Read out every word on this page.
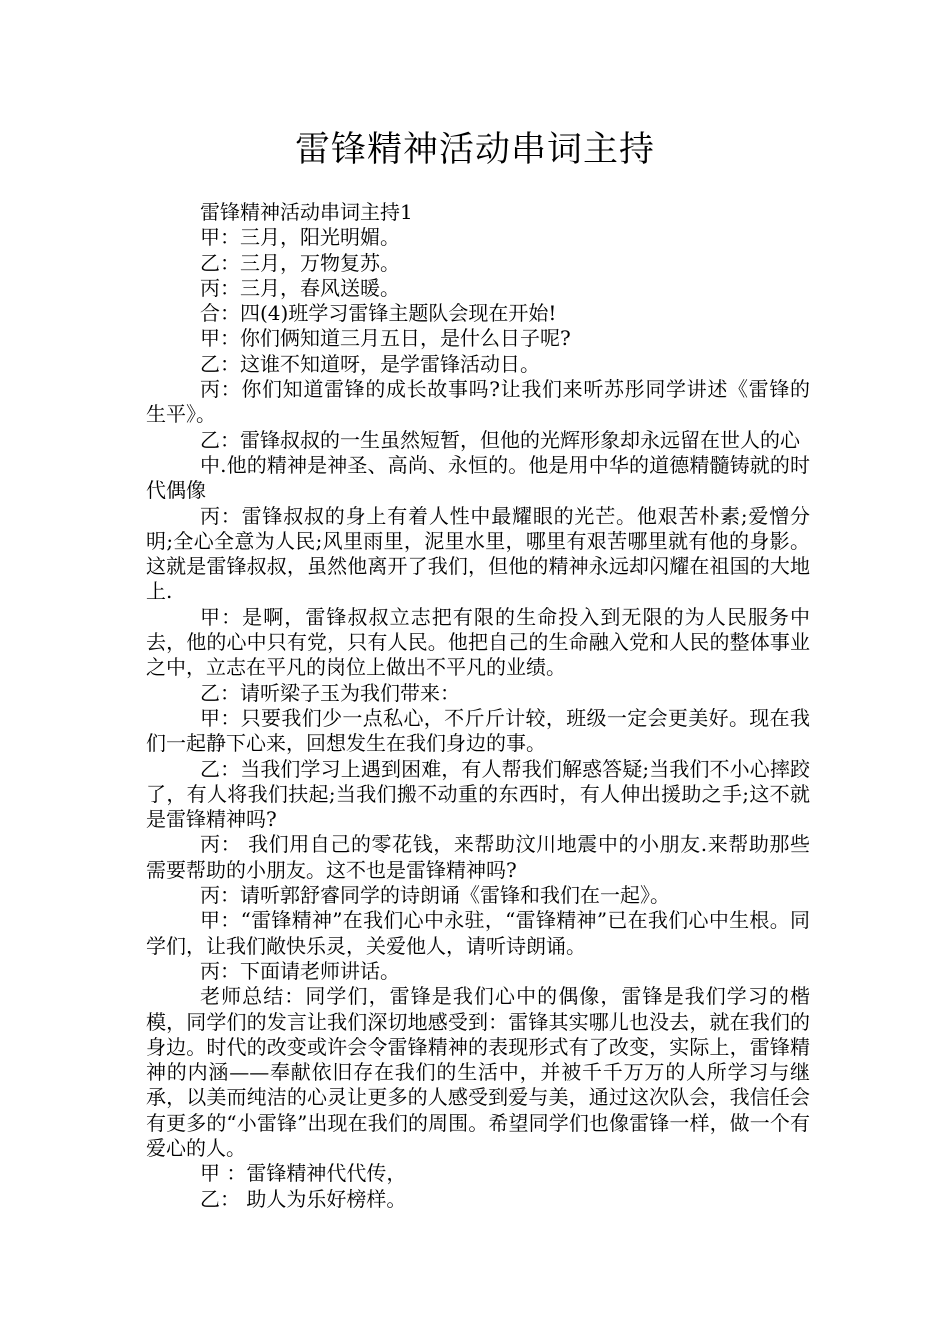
雷锋精神活动串词主持

雷锋精神活动串词主持1

甲：三月，阳光明媚。

乙：三月，万物复苏。

丙：三月，春风送暖。

合：四(4)班学习雷锋主题队会现在开始!

甲：你们俩知道三月五日，是什么日子呢?

乙：这谁不知道呀，是学雷锋活动日。

丙：你们知道雷锋的成长故事吗?让我们来听苏彤同学讲述《雷锋的生平》。

乙：雷锋叔叔的一生虽然短暂，但他的光辉形象却永远留在世人的心

中.他的精神是神圣、高尚、永恒的。他是用中华的道德精髓铸就的时代偶像

丙：雷锋叔叔的身上有着人性中最耀眼的光芒。他艰苦朴素;爱憎分明;全心全意为人民;风里雨里，泥里水里，哪里有艰苦哪里就有他的身影。这就是雷锋叔叔，虽然他离开了我们，但他的精神永远却闪耀在祖国的大地上.

甲：是啊，雷锋叔叔立志把有限的生命投入到无限的为人民服务中去，他的心中只有党，只有人民。他把自己的生命融入党和人民的整体事业之中，立志在平凡的岗位上做出不平凡的业绩。

乙：请听梁子玉为我们带来：

甲：只要我们少一点私心，不斤斤计较，班级一定会更美好。现在我们一起静下心来，回想发生在我们身边的事。

乙：当我们学习上遇到困难，有人帮我们解惑答疑;当我们不小心摔跤了，有人将我们扶起;当我们搬不动重的东西时，有人伸出援助之手;这不就是雷锋精神吗?

丙： 我们用自己的零花钱，来帮助汶川地震中的小朋友.来帮助那些需要帮助的小朋友。这不也是雷锋精神吗?

丙：请听郭舒睿同学的诗朗诵《雷锋和我们在一起》。

甲：“雷锋精神”在我们心中永驻，“雷锋精神”已在我们心中生根。同学们，让我们敞快乐灵，关爱他人，请听诗朗诵。

丙：下面请老师讲话。

老师总结：同学们，雷锋是我们心中的偶像，雷锋是我们学习的楷模，同学们的发言让我们深切地感受到：雷锋其实哪儿也没去，就在我们的身边。时代的改变或许会令雷锋精神的表现形式有了改变，实际上，雷锋精神的内涵——奉献依旧存在我们的生活中，并被千千万万的人所学习与继承，以美而纯洁的心灵让更多的人感受到爱与美，通过这次队会，我信任会有更多的“小雷锋”出现在我们的周围。希望同学们也像雷锋一样，做一个有爱心的人。

甲 ：雷锋精神代代传，

乙： 助人为乐好榜样。
